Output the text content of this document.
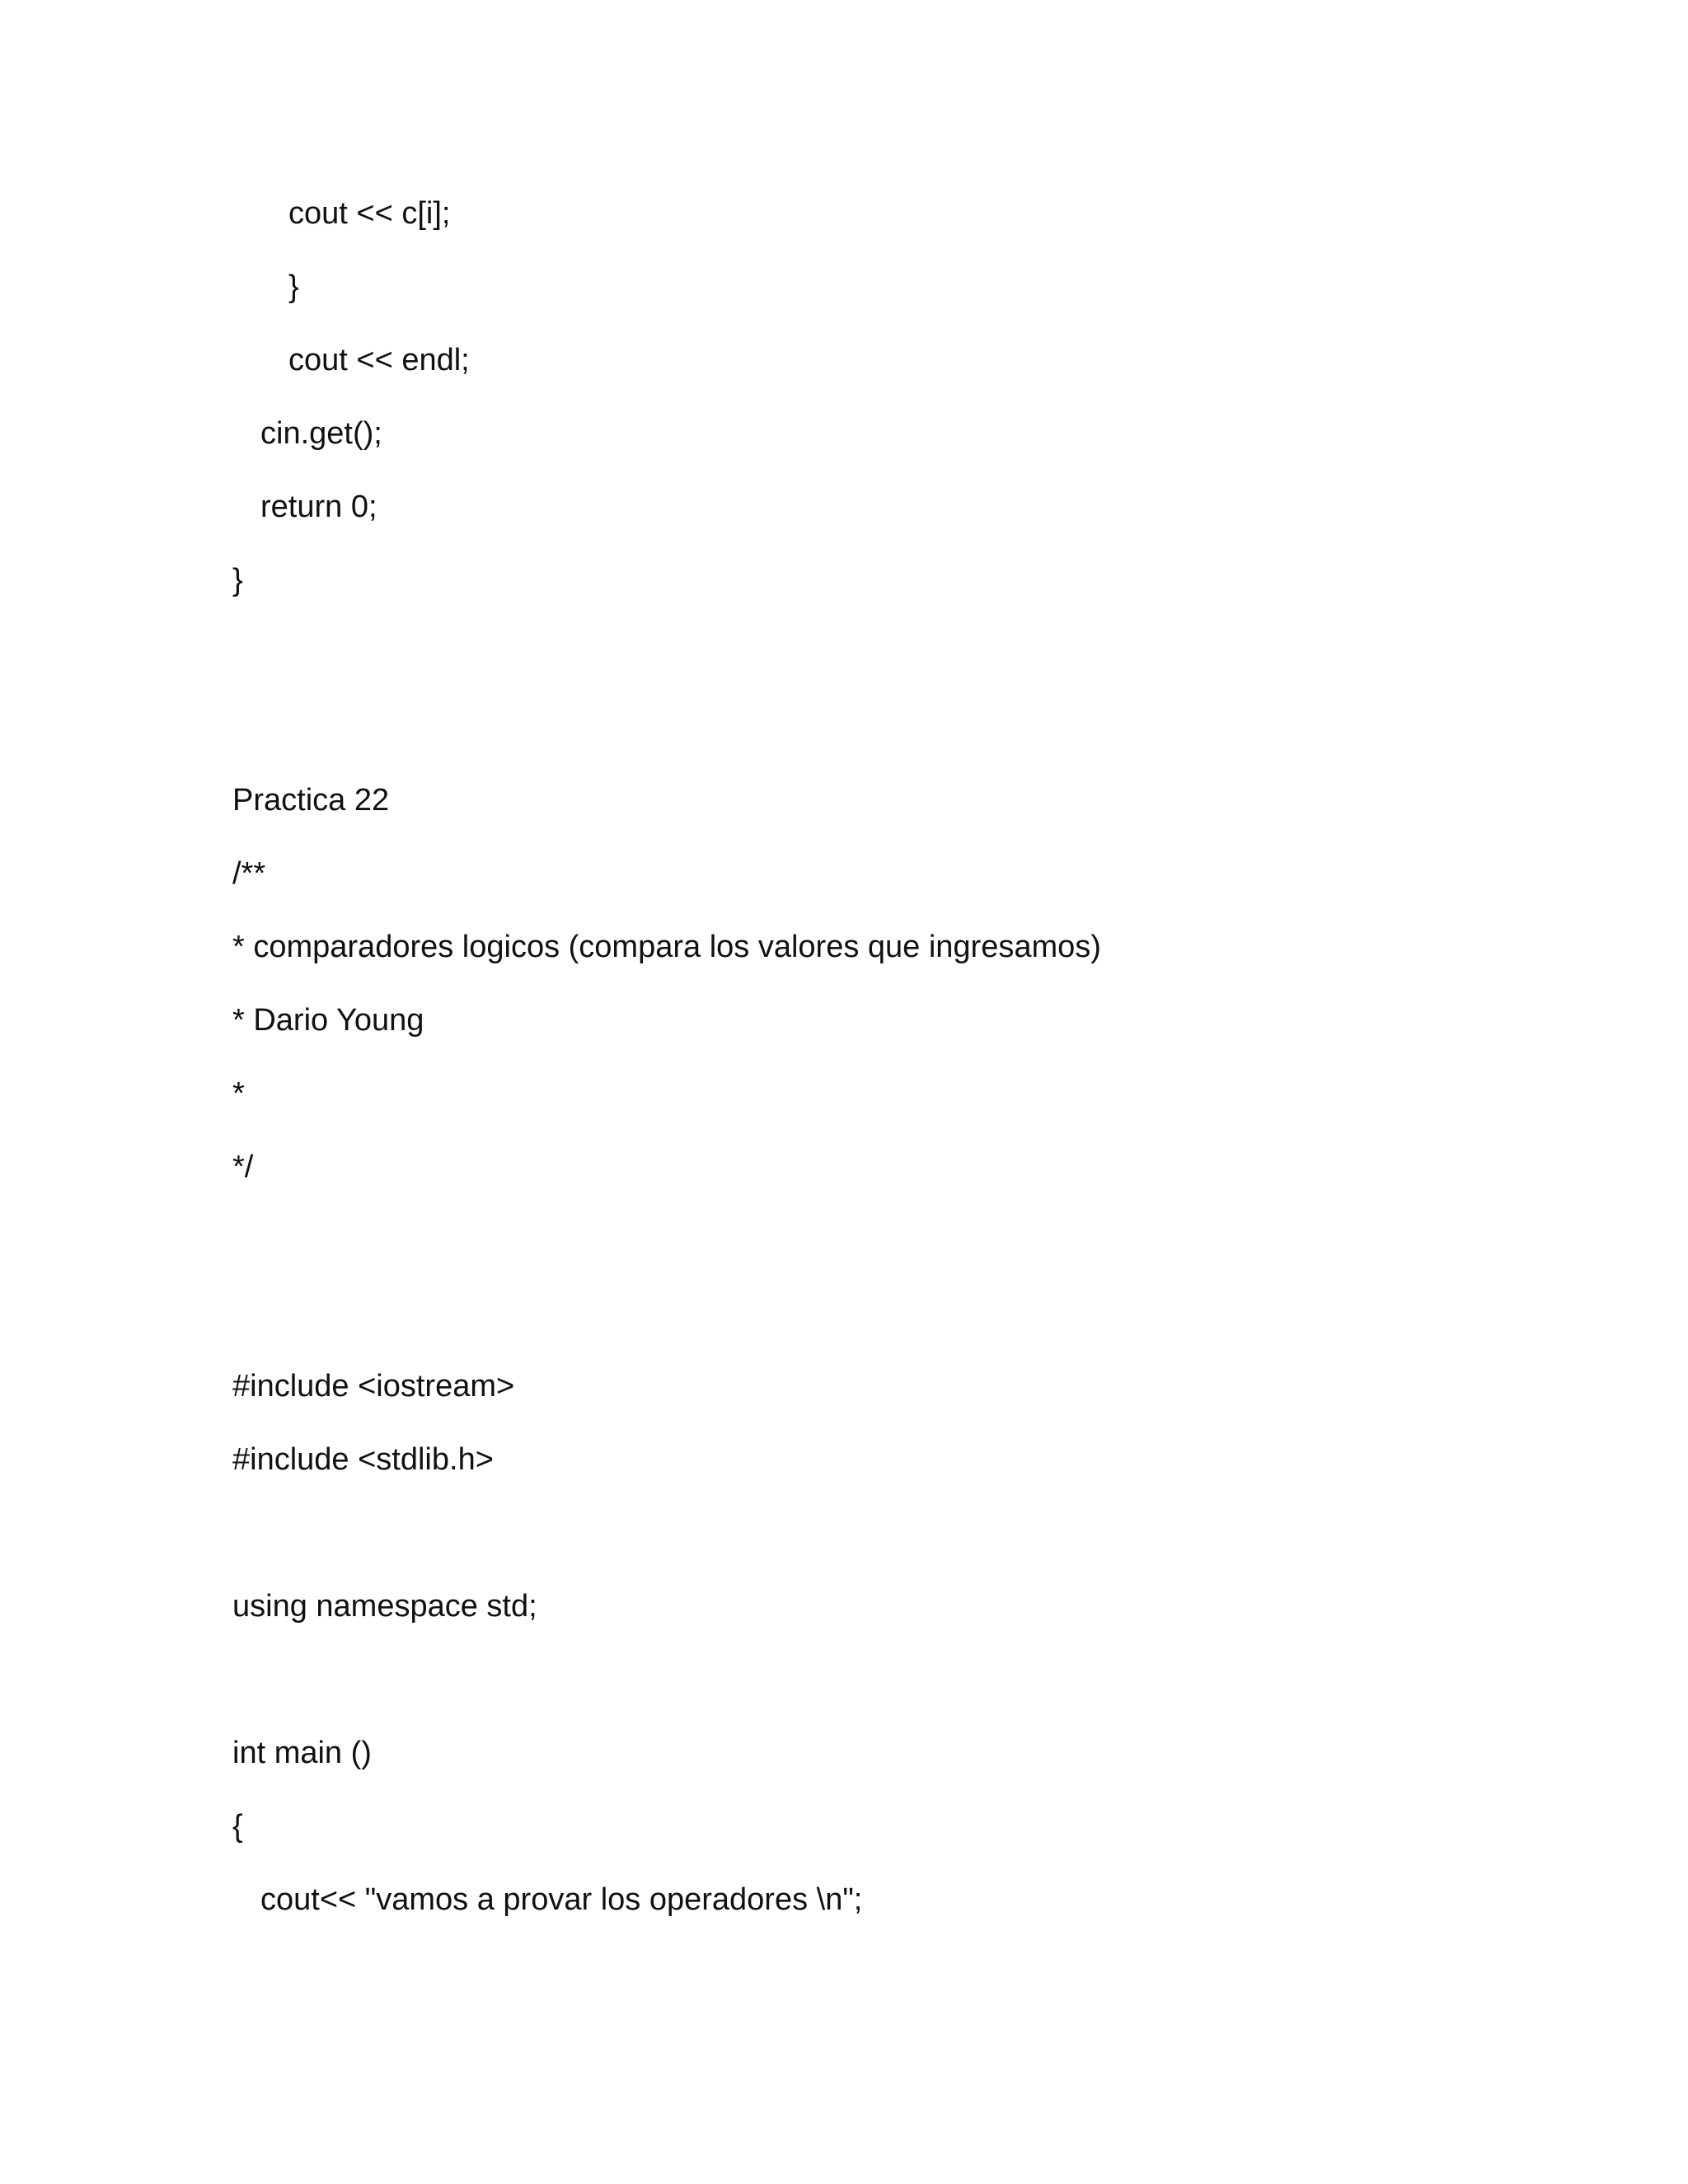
cout << c[i];

}

cout << endl;

cin.get();

return 0;

}

Practica 22

/**

* comparadores logicos (compara los valores que ingresamos)

* Dario Young

*

*/

#include <iostream>

#include <stdlib.h>

using namespace std;

int main ()

{

cout<< "vamos a provar los operadores \n";
